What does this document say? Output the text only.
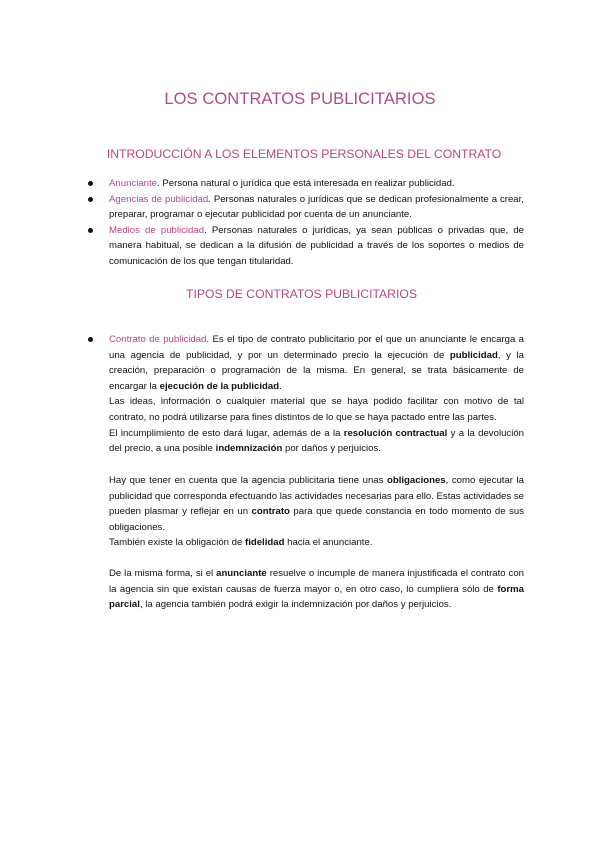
LOS CONTRATOS PUBLICITARIOS
INTRODUCCIÓN A LOS ELEMENTOS PERSONALES DEL CONTRATO
Anunciante. Persona natural o jurídica que está interesada en realizar publicidad.
Agencias de publicidad. Personas naturales o jurídicas que se dedican profesionalmente a crear, preparar, programar o ejecutar publicidad por cuenta de un anunciante.
Medios de publicidad. Personas naturales o jurídicas, ya sean públicas o privadas que, de manera habitual, se dedican a la difusión de publicidad a través de los soportes o medios de comunicación de los que tengan titularidad.
TIPOS DE CONTRATOS PUBLICITARIOS
Contrato de publicidad. Es el tipo de contrato publicitario por el que un anunciante le encarga a una agencia de publicidad, y por un determinado precio la ejecución de publicidad, y la creación, preparación o programación de la misma. En general, se trata básicamente de encargar la ejecución de la publicidad.

Las ideas, información o cualquier material que se haya podido facilitar con motivo de tal contrato, no podrá utilizarse para fines distintos de lo que se haya pactado entre las partes.

El incumplimiento de esto dará lugar, además de a la resolución contractual y a la devolución del precio, a una posible indemnización por daños y perjuicios.

Hay que tener en cuenta que la agencia publicitaria tiene unas obligaciones, como ejecutar la publicidad que corresponda efectuando las actividades necesarias para ello. Estas actividades se pueden plasmar y reflejar en un contrato para que quede constancia en todo momento de sus obligaciones.

También existe la obligación de fidelidad hacia el anunciante.

De la misma forma, si el anunciante resuelve o incumple de manera injustificada el contrato con la agencia sin que existan causas de fuerza mayor o, en otro caso, lo cumpliera sólo de forma parcial, la agencia también podrá exigir la indemnización por daños y perjuicios.
